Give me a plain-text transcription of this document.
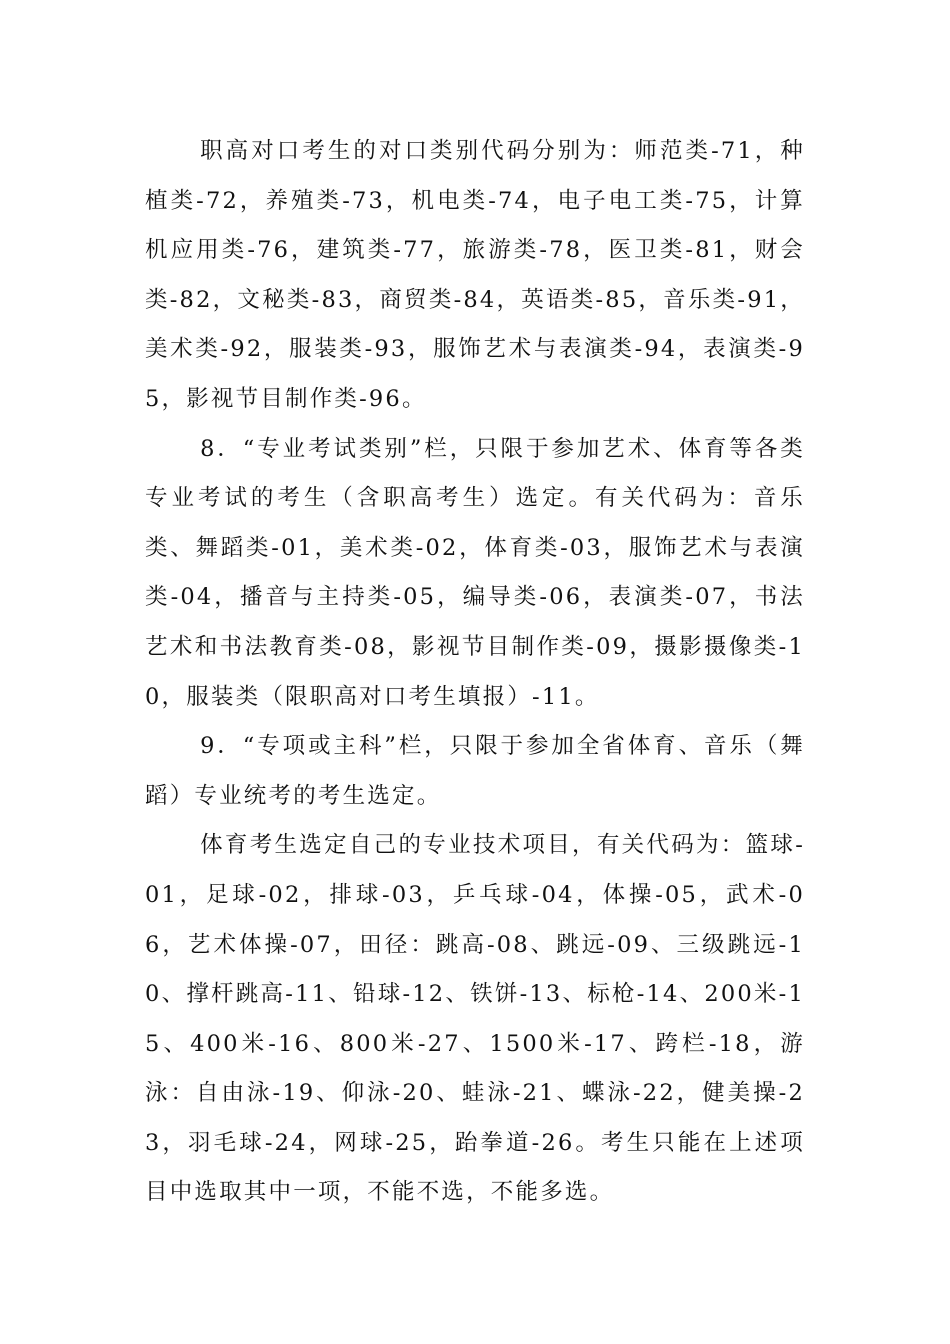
职高对口考生的对口类别代码分别为：师范类-71，种植类-72，养殖类-73，机电类-74，电子电工类-75，计算机应用类-76，建筑类-77，旅游类-78，医卫类-81，财会类-82，文秘类-83，商贸类-84，英语类-85，音乐类-91，美术类-92，服装类-93，服饰艺术与表演类-94，表演类-95，影视节目制作类-96。

8．“专业考试类别”栏，只限于参加艺术、体育等各类专业考试的考生（含职高考生）选定。有关代码为：音乐类、舞蹈类-01，美术类-02，体育类-03，服饰艺术与表演类-04，播音与主持类-05，编导类-06，表演类-07，书法艺术和书法教育类-08，影视节目制作类-09，摄影摄像类-10，服装类（限职高对口考生填报）-11。

9．“专项或主科”栏，只限于参加全省体育、音乐（舞蹈）专业统考的考生选定。

体育考生选定自己的专业技术项目，有关代码为：篮球-01，足球-02，排球-03，乒乓球-04，体操-05，武术-06，艺术体操-07，田径：跳高-08、跳远-09、三级跳远-10、撑杆跳高-11、铅球-12、铁饼-13、标枪-14、200米-15、400米-16、800米-27、1500米-17、跨栏-18，游泳：自由泳-19、仰泳-20、蛙泳-21、蝶泳-22，健美操-23，羽毛球-24，网球-25，跆拳道-26。考生只能在上述项目中选取其中一项，不能不选，不能多选。
